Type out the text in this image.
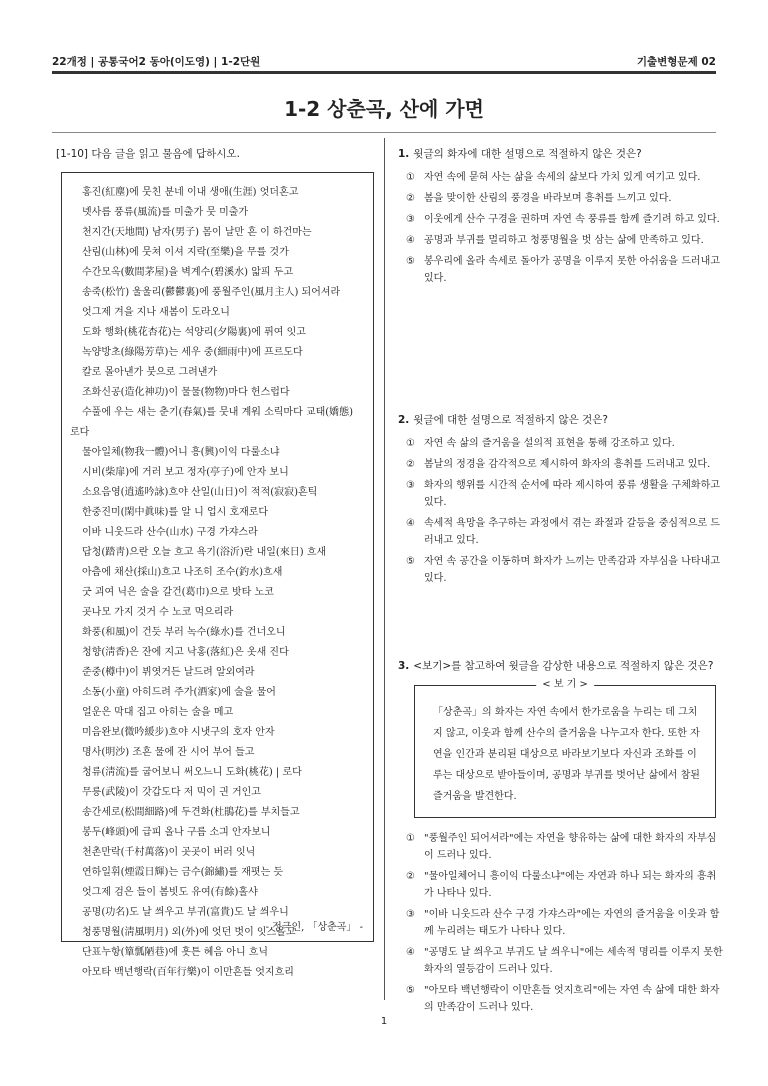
22개정 | 공통국어2 동아(이도영) | 1-2단원	기출변형문제 02
1-2 상춘곡, 산에 가면
[1-10] 다음 글을 읽고 물음에 답하시오.
홍진(紅塵)에 뭇친 분네 이내 생애(生涯) 엇더혼고
녯사름 풍류(風流)를 미출가 뭇 미출가
천지간(天地間) 남자(男子) 몸이 날만 흔 이 하건마는
산림(山林)에 뭇쳐 이셔 지락(至樂)을 무를 것가
수간모옥(數間茅屋)을 벽계수(碧溪水) 앏픠 두고
송죽(松竹) 울울리(鬱鬱裏)에 풍월주인(風月主人) 되어셔라
엇그제 겨을 지나 새봄이 도라오니
도화 행화(桃花杏花)는 석양리(夕陽裏)에 퓌여 잇고
녹양방초(綠陽芳草)는 세우 중(細雨中)에 프르도다
칼로 몰아낸가 붓으로 그려낸가
조화신공(造化神功)이 물물(物物)마다 헌스럽다
수풀에 우는 새는 춘기(春氣)를 뭇내 계워 소릭마다 교태(嬌態)
로다
물아일체(物我一體)어니 흥(興)이익 다룰소냐
시비(柴扉)에 거러 보고 정자(亭子)에 안자 보니
소요음영(逍遙吟詠)흐야 산일(山日)이 적적(寂寂)흔틱
한중진미(閑中眞味)를 알 니 업시 호재로다
이바 니웃드라 산수(山水) 구경 가쟈스라
답청(踏靑)으란 오늘 흐고 욕기(浴沂)란 내일(來日) 흐새
아츰에 채산(採山)흐고 나조히 조수(釣水)흐새
굿 괴여 닉은 술을 갈건(葛巾)으로 밧타 노코
곳나모 가지 것거 수 노코 먹으리라
화풍(和風)이 건듯 부러 녹수(綠水)를 건너오니
청향(淸香)은 잔에 지고 낙홍(落紅)은 옷새 진다
준중(樽中)이 뷔엿거든 날드려 알외여라
소동(小童) 아히드려 주가(酒家)에 술을 물어
얼운은 막대 집고 아히는 술을 메고
미음완보(微吟緩步)흐야 시냇구의 호자 안자
명사(明沙) 조흔 물에 잔 시어 부어 들고
청류(淸流)를 굽어보니 써오느니 도화(桃花) | 로다
무릉(武陵)이 갓갑도다 저 믹이 긘 거인고
송간세로(松間細路)에 두견화(杜鵑花)를 부치들고
봉두(峰頭)에 급피 올나 구름 소긔 안자보니
천촌만락(千村萬落)이 곳곳이 버러 잇닉
연하일휘(煙霞日輝)는 금수(錦繡)를 재폇는 듯
엇그제 검은 들이 봄빗도 유여(有餘)홀샤
공명(功名)도 날 씌우고 부귀(富貴)도 날 씌우니
청풍명월(淸風明月) 외(外)에 엇던 벗이 잇스올고
단표누항(簞瓢陋巷)에 흣튼 혜음 아니 흐닉
아모타 백년행락(百年行樂)이 이만흔들 엇지흐리
- 정극인, 「상춘곡」 -
1. 윗글의 화자에 대한 설명으로 적절하지 않은 것은?
① 자연 속에 묻혀 사는 삶을 속세의 삶보다 가치 있게 여기고 있다.
② 봄을 맞이한 산림의 풍경을 바라보며 흥취를 느끼고 있다.
③ 이웃에게 산수 구경을 권하며 자연 속 풍류를 함께 즐기려 하고 있다.
④ 공명과 부귀를 멀리하고 청풍명월을 벗 삼는 삶에 만족하고 있다.
⑤ 봉우리에 올라 속세로 돌아가 공명을 이루지 못한 아쉬움을 드러내고 있다.
2. 윗글에 대한 설명으로 적절하지 않은 것은?
① 자연 속 삶의 즐거움을 설의적 표현을 통해 강조하고 있다.
② 봄날의 정경을 감각적으로 제시하여 화자의 흥취를 드러내고 있다.
③ 화자의 행위를 시간적 순서에 따라 제시하여 풍류 생활을 구체화하고 있다.
④ 속세적 욕망을 추구하는 과정에서 겪는 좌절과 갈등을 중심적으로 드러내고 있다.
⑤ 자연 속 공간을 이동하며 화자가 느끼는 만족감과 자부심을 나타내고 있다.
3. <보기>를 참고하여 윗글을 감상한 내용으로 적절하지 않은 것은?
< 보 기 >
「상춘곡」의 화자는 자연 속에서 한가로움을 누리는 데 그치지 않고, 이웃과 함께 산수의 즐거움을 나누고자 한다. 또한 자연을 인간과 분리된 대상으로 바라보기보다 자신과 조화를 이루는 대상으로 받아들이며, 공명과 부귀를 벗어난 삶에서 참된 즐거움을 발견한다.
① "풍월주인 되어셔라"에는 자연을 향유하는 삶에 대한 화자의 자부심이 드러나 있다.
② "물아일체어니 흥이익 다룰소냐"에는 자연과 하나 되는 화자의 흥취가 나타나 있다.
③ "이바 니웃드라 산수 구경 가쟈스라"에는 자연의 즐거움을 이웃과 함께 누리려는 태도가 나타나 있다.
④ "공명도 날 씌우고 부귀도 날 씌우니"에는 세속적 명리를 이루지 못한 화자의 열등감이 드러나 있다.
⑤ "아모타 백년행락이 이만흔들 엇지흐리"에는 자연 속 삶에 대한 화자의 만족감이 드러나 있다.
1
